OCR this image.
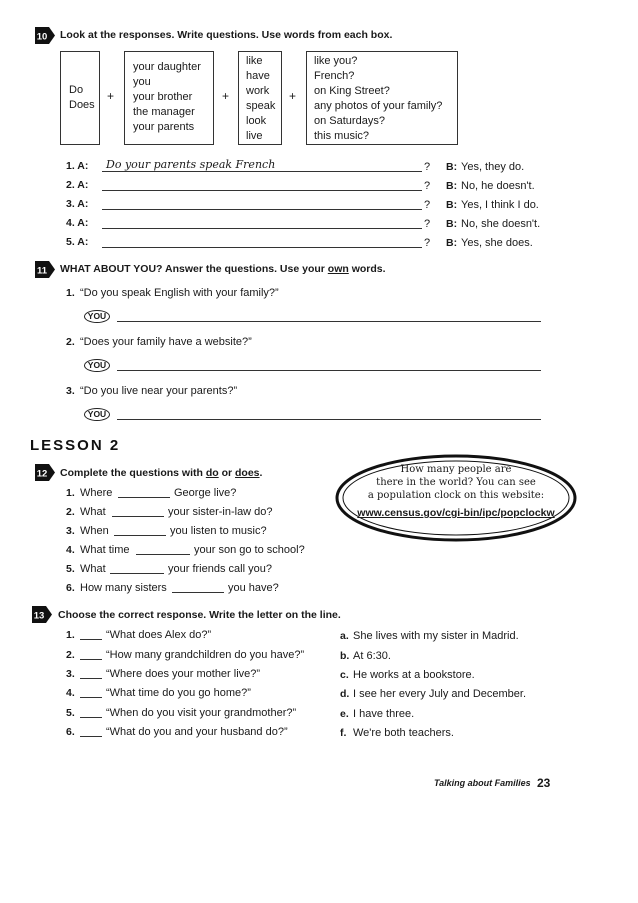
10 Look at the responses. Write questions. Use words from each box.
Do
Does
+
your daughter
you
your brother
the manager
your parents
+
like
have
work
speak
look
live
+
like you?
French?
on King Street?
any photos of your family?
on Saturdays?
this music?
1. A: Do your parents speak French	? B: Yes, they do.
2. A:	? B: No, he doesn't.
3. A:	? B: Yes, I think I do.
4. A:	? B: No, she doesn't.
5. A:	? B: Yes, she does.
11 WHAT ABOUT YOU? Answer the questions. Use your own words.
1. “Do you speak English with your family?”
YOU
2. “Does your family have a website?”
YOU
3. “Do you live near your parents?”
YOU
LESSON 2
12 Complete the questions with do or does.
1. Where	George live?
2. What	your sister-in-law do?
3. When	you listen to music?
4. What time	your son go to school?
5. What	your friends call you?
6. How many sisters	you have?
How many people are
there in the world? You can see
a population clock on this website:
www.census.gov/cgi-bin/ipc/popclockw
13 Choose the correct response. Write the letter on the line.
1.	“What does Alex do?”	a. She lives with my sister in Madrid.
2.	“How many grandchildren do you have?”	b. At 6:30.
3.	“Where does your mother live?”	c. He works at a bookstore.
4.	“What time do you go home?”	d. I see her every July and December.
5.	“When do you visit your grandmother?”	e. I have three.
6.	“What do you and your husband do?”	f. We're both teachers.
Talking about Families 23
